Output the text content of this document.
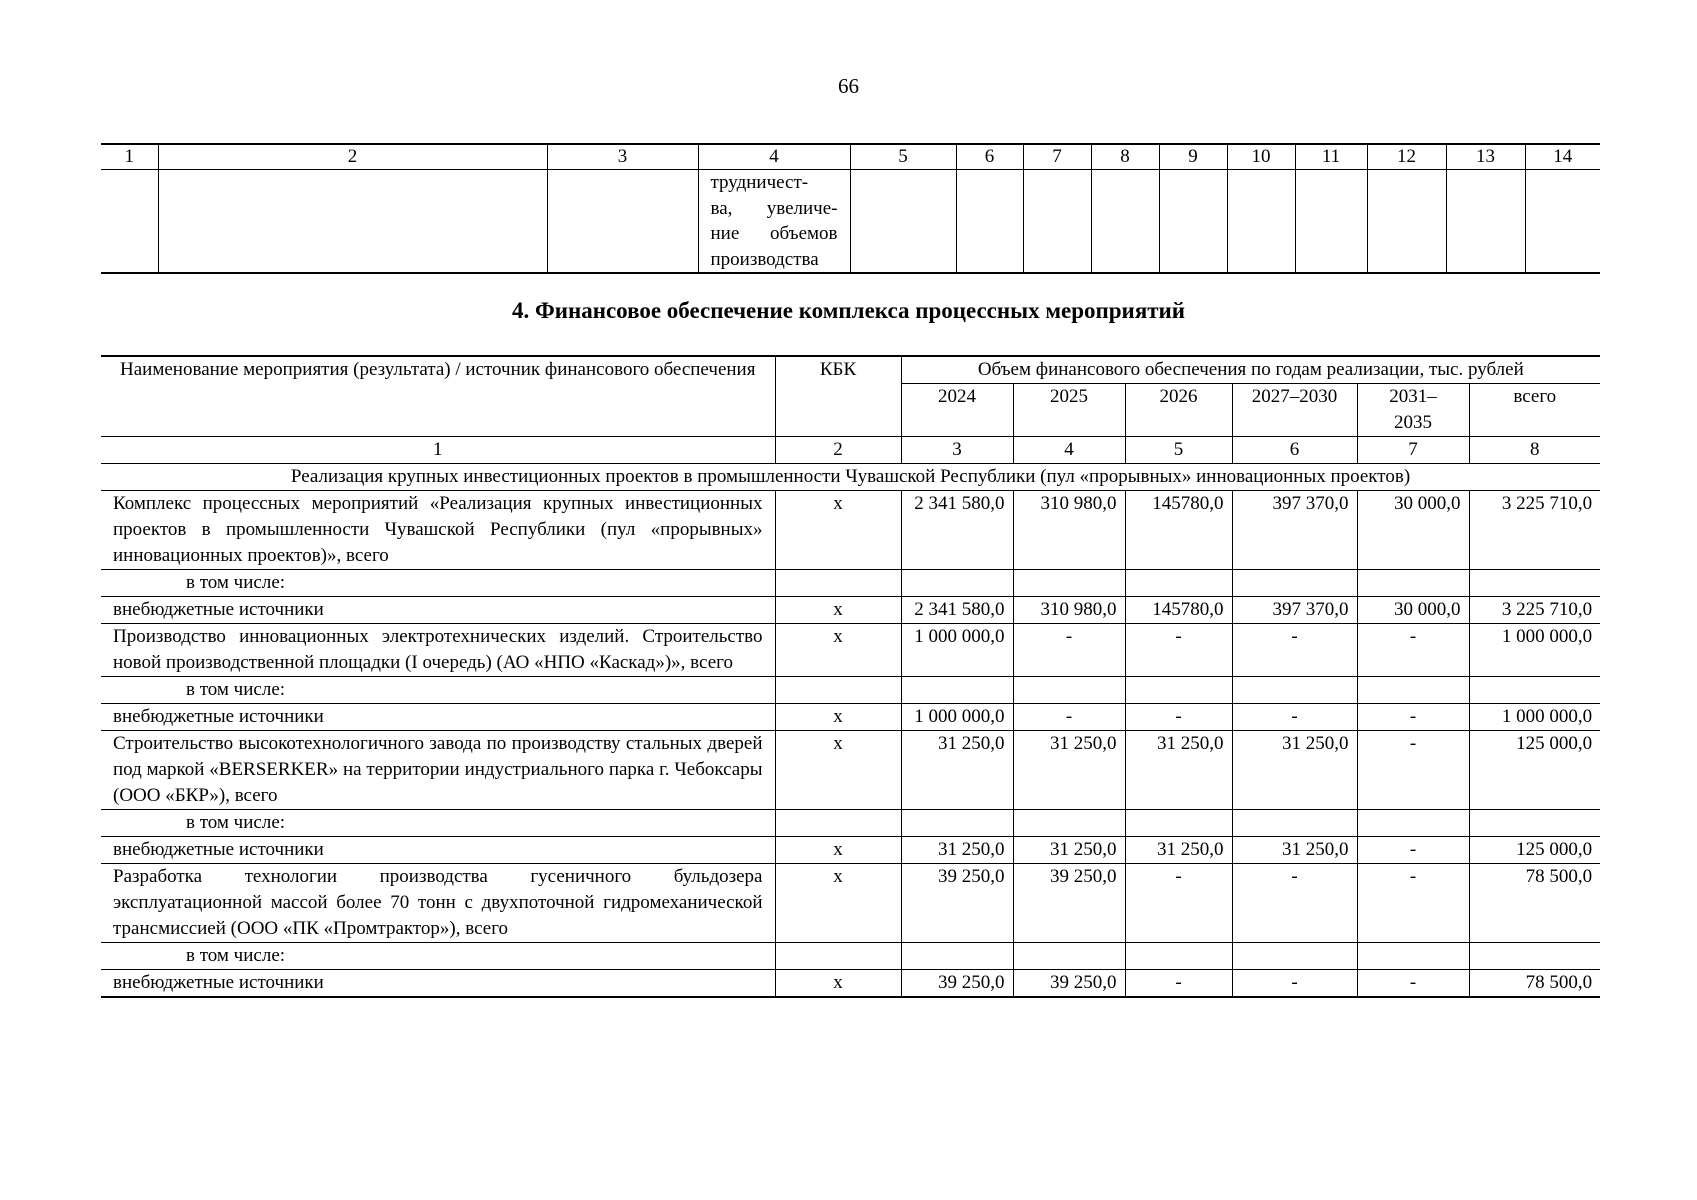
66
1	2	3	4	5	6	7	8	9	10	11	12	13	14

			трудничест-
ва, увеличе-
ние объемов
производства										

4. Финансовое обеспечение комплекса процессных мероприятий
Наименование мероприятия (результата) / источник финансового обеспечения	КБК	Объем финансового обеспечения по годам реализации, тыс. рублей					
		2024	2025	2026	2027–2030	2031–2035	всего
1	2	3	4	5	6	7	8
Реализация крупных инвестиционных проектов в промышленности Чувашской Республики (пул «прорывных» инновационных проектов)							
Комплекс процессных мероприятий «Реализация крупных инвестиционных проектов в промышленности Чувашской Республики (пул «прорывных» инновационных проектов)», всего	x	2 341 580,0	310 980,0	145780,0	397 370,0	30 000,0	3 225 710,0
в том числе:							
внебюджетные источники	x	2 341 580,0	310 980,0	145780,0	397 370,0	30 000,0	3 225 710,0
Производство инновационных электротехнических изделий. Строительство новой производственной площадки (I очередь) (АО «НПО «Каскад»)», всего	x	1 000 000,0	-	-	-	-	1 000 000,0
в том числе:							
внебюджетные источники	x	1 000 000,0	-	-	-	-	1 000 000,0
Строительство высокотехнологичного завода по производству стальных дверей под маркой «BERSERKER» на территории индустриального парка г. Чебоксары (ООО «БКР»), всего	x	31 250,0	31 250,0	31 250,0	31 250,0	-	125 000,0
в том числе:							
внебюджетные источники	x	31 250,0	31 250,0	31 250,0	31 250,0	-	125 000,0
Разработка технологии производства гусеничного бульдозера эксплуатационной массой более 70 тонн с двухпоточной гидромеханической трансмиссией (ООО «ПК «Промтрактор»), всего	x	39 250,0	39 250,0	-	-	-	78 500,0
в том числе:							
внебюджетные источники	x	39 250,0	39 250,0	-	-	-	78 500,0
